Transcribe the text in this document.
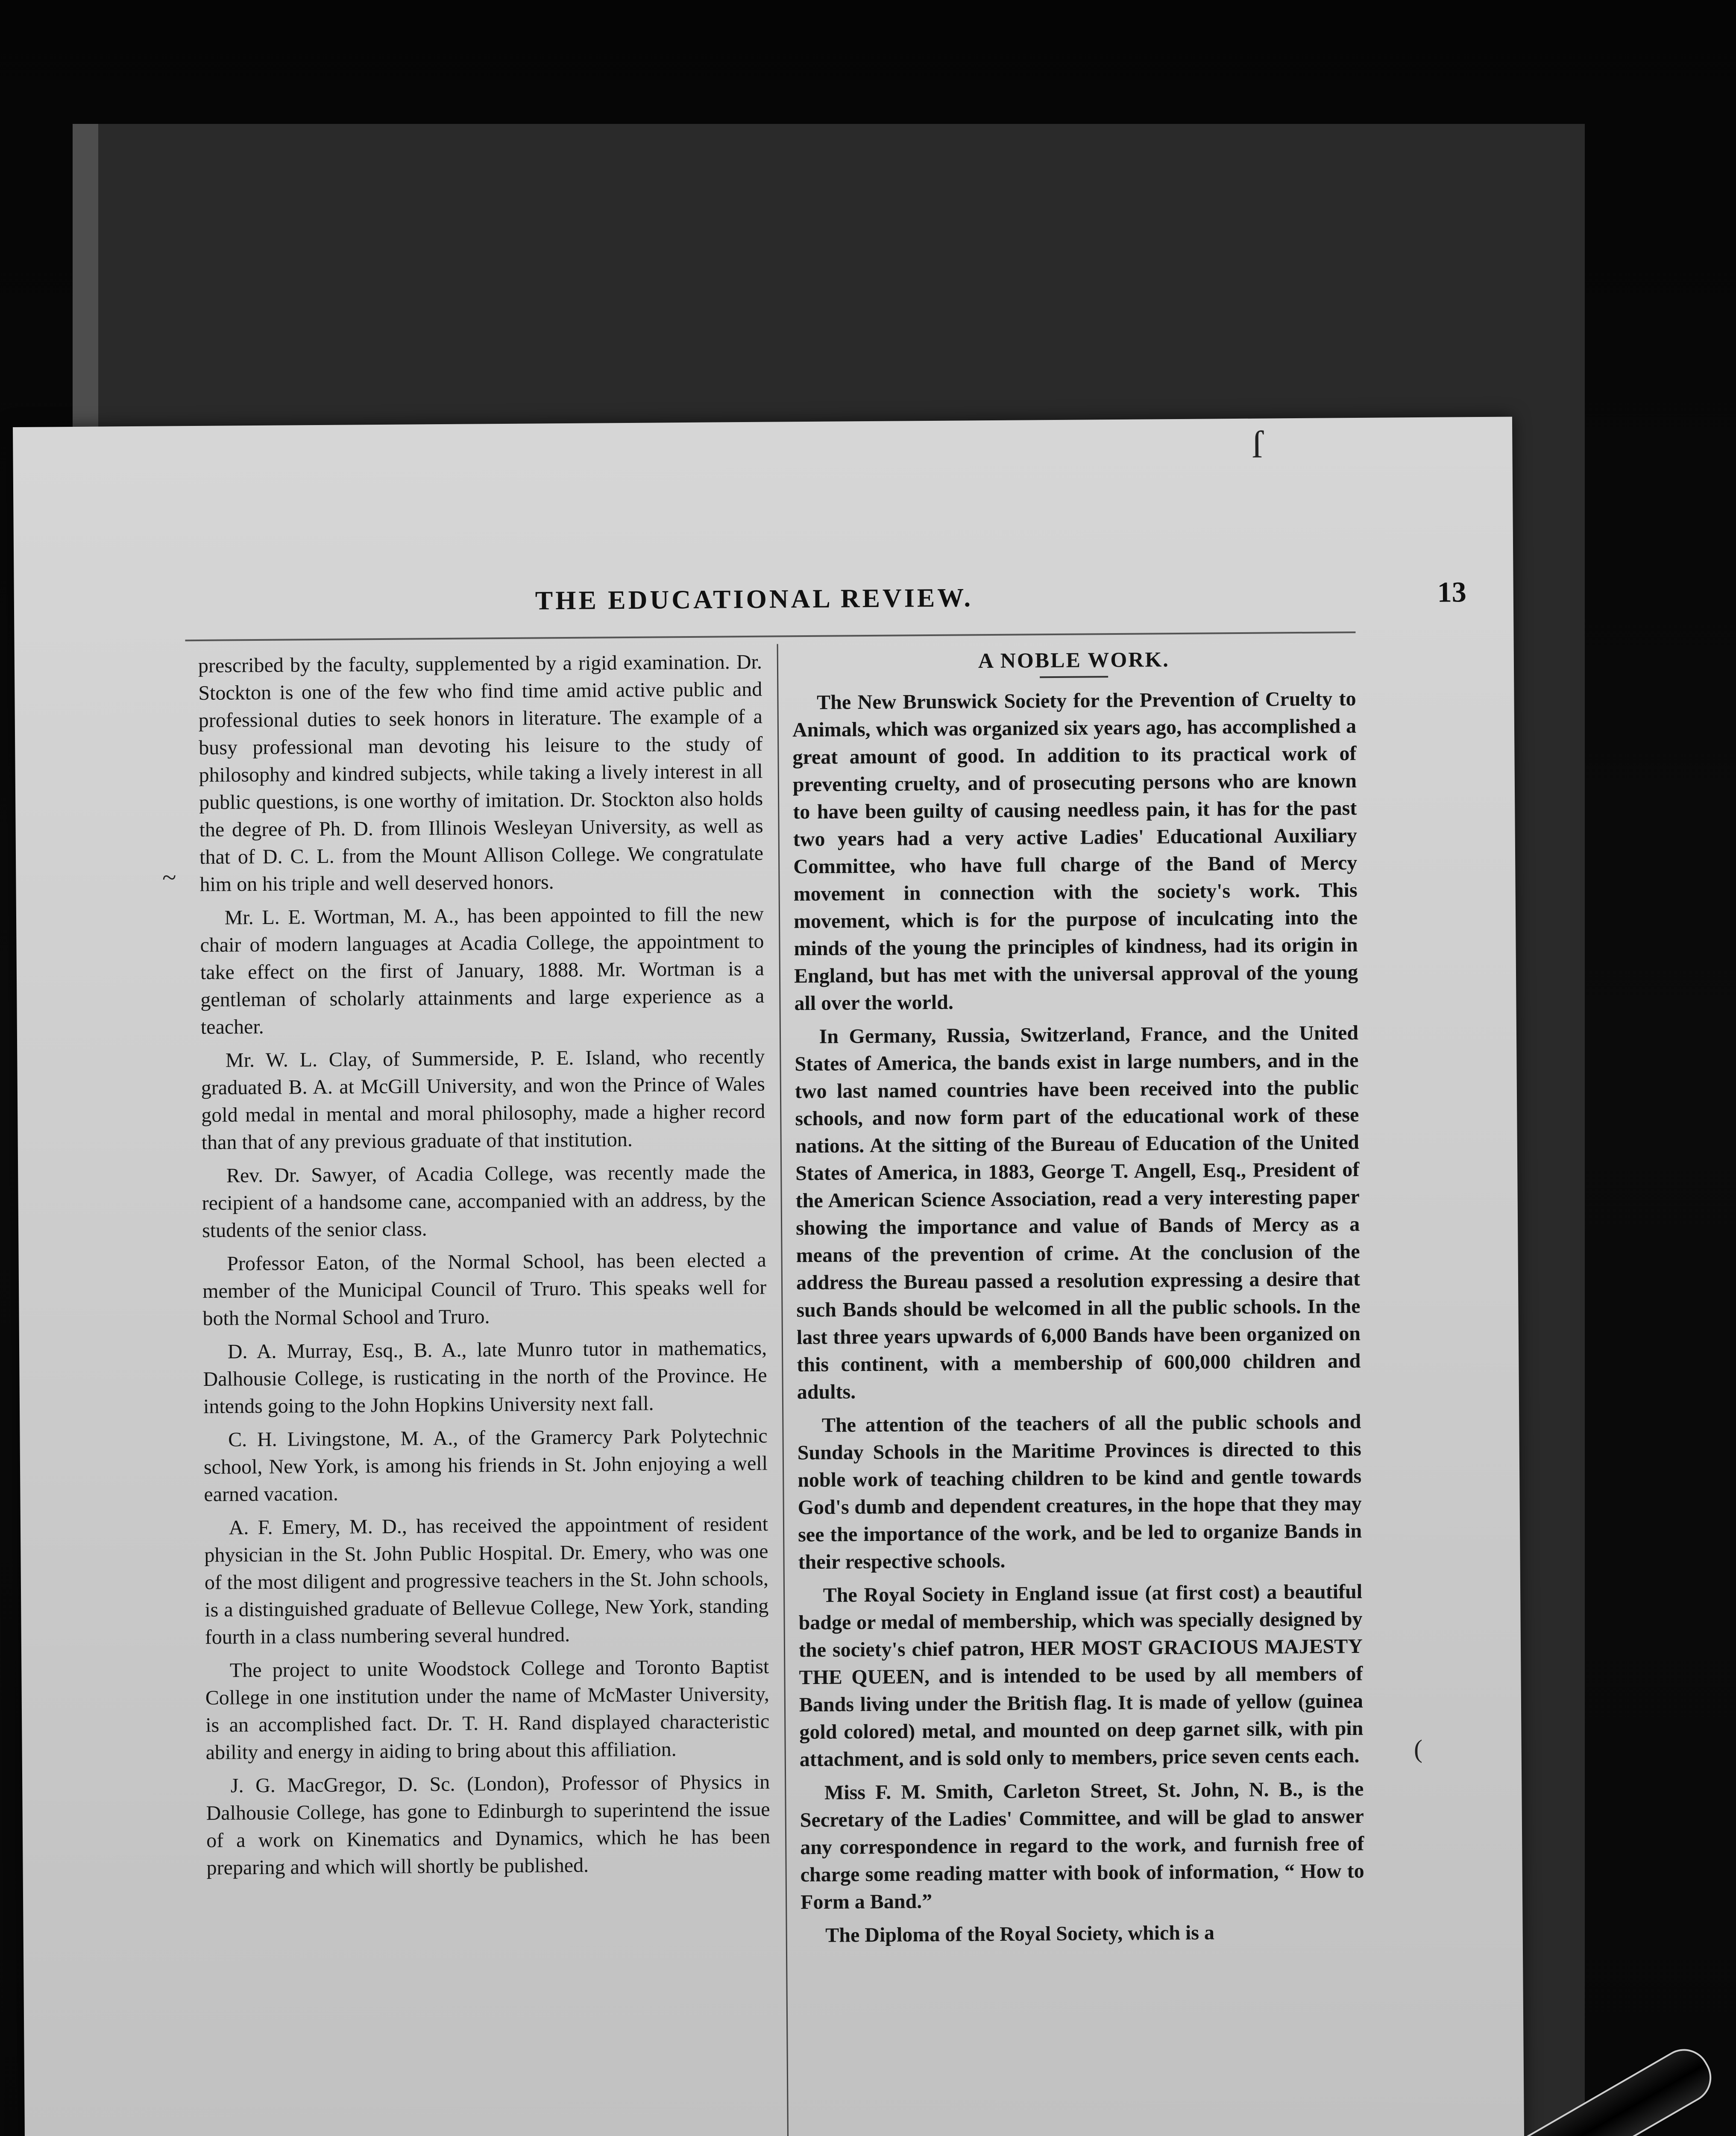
ſ
THE EDUCATIONAL REVIEW.	13

prescribed by the faculty, supplemented by a rigid examination. Dr. Stockton is one of the few who find time amid active public and professional duties to seek honors in literature. The example of a busy professional man devoting his leisure to the study of philosophy and kindred subjects, while taking a lively interest in all public questions, is one worthy of imitation. Dr. Stockton also holds the degree of Ph. D. from Illinois Wesleyan University, as well as that of D. C. L. from the Mount Allison College. We congratulate him on his triple and well deserved honors.

Mr. L. E. Wortman, M. A., has been appointed to fill the new chair of modern languages at Acadia College, the appointment to take effect on the first of January, 1888. Mr. Wortman is a gentleman of scholarly attainments and large experience as a teacher.

Mr. W. L. Clay, of Summerside, P. E. Island, who recently graduated B. A. at McGill University, and won the Prince of Wales gold medal in mental and moral philosophy, made a higher record than that of any previous graduate of that institution.

Rev. Dr. Sawyer, of Acadia College, was recently made the recipient of a handsome cane, accompanied with an address, by the students of the senior class.

Professor Eaton, of the Normal School, has been elected a member of the Municipal Council of Truro. This speaks well for both the Normal School and Truro.

D. A. Murray, Esq., B. A., late Munro tutor in mathematics, Dalhousie College, is rusticating in the north of the Province. He intends going to the John Hopkins University next fall.

C. H. Livingstone, M. A., of the Gramercy Park Polytechnic school, New York, is among his friends in St. John enjoying a well earned vacation.

A. F. Emery, M. D., has received the appointment of resident physician in the St. John Public Hospital. Dr. Emery, who was one of the most diligent and progressive teachers in the St. John schools, is a distinguished graduate of Bellevue College, New York, standing fourth in a class numbering several hundred.

The project to unite Woodstock College and Toronto Baptist College in one institution under the name of McMaster University, is an accomplished fact. Dr. T. H. Rand displayed characteristic ability and energy in aiding to bring about this affiliation.

J. G. MacGregor, D. Sc. (London), Professor of Physics in Dalhousie College, has gone to Edinburgh to superintend the issue of a work on Kinematics and Dynamics, which he has been preparing and which will shortly be published.

A NOBLE WORK.

The New Brunswick Society for the Prevention of Cruelty to Animals, which was organized six years ago, has accomplished a great amount of good. In addition to its practical work of preventing cruelty, and of prosecuting persons who are known to have been guilty of causing needless pain, it has for the past two years had a very active Ladies' Educational Auxiliary Committee, who have full charge of the Band of Mercy movement in connection with the society's work. This movement, which is for the purpose of inculcating into the minds of the young the principles of kindness, had its origin in England, but has met with the universal approval of the young all over the world.

In Germany, Russia, Switzerland, France, and the United States of America, the bands exist in large numbers, and in the two last named countries have been received into the public schools, and now form part of the educational work of these nations. At the sitting of the Bureau of Education of the United States of America, in 1883, George T. Angell, Esq., President of the American Science Association, read a very interesting paper showing the importance and value of Bands of Mercy as a means of the prevention of crime. At the conclusion of the address the Bureau passed a resolution expressing a desire that such Bands should be welcomed in all the public schools. In the last three years upwards of 6,000 Bands have been organized on this continent, with a membership of 600,000 children and adults.

The attention of the teachers of all the public schools and Sunday Schools in the Maritime Provinces is directed to this noble work of teaching children to be kind and gentle towards God's dumb and dependent creatures, in the hope that they may see the importance of the work, and be led to organize Bands in their respective schools.

The Royal Society in England issue (at first cost) a beautiful badge or medal of membership, which was specially designed by the society's chief patron, HER MOST GRACIOUS MAJESTY THE QUEEN, and is intended to be used by all members of Bands living under the British flag. It is made of yellow (guinea gold colored) metal, and mounted on deep garnet silk, with pin attachment, and is sold only to members, price seven cents each.

Miss F. M. Smith, Carleton Street, St. John, N. B., is the Secretary of the Ladies' Committee, and will be glad to answer any correspondence in regard to the work, and furnish free of charge some reading matter with book of information, “ How to Form a Band.”

The Diploma of the Royal Society, which is a

~
(
